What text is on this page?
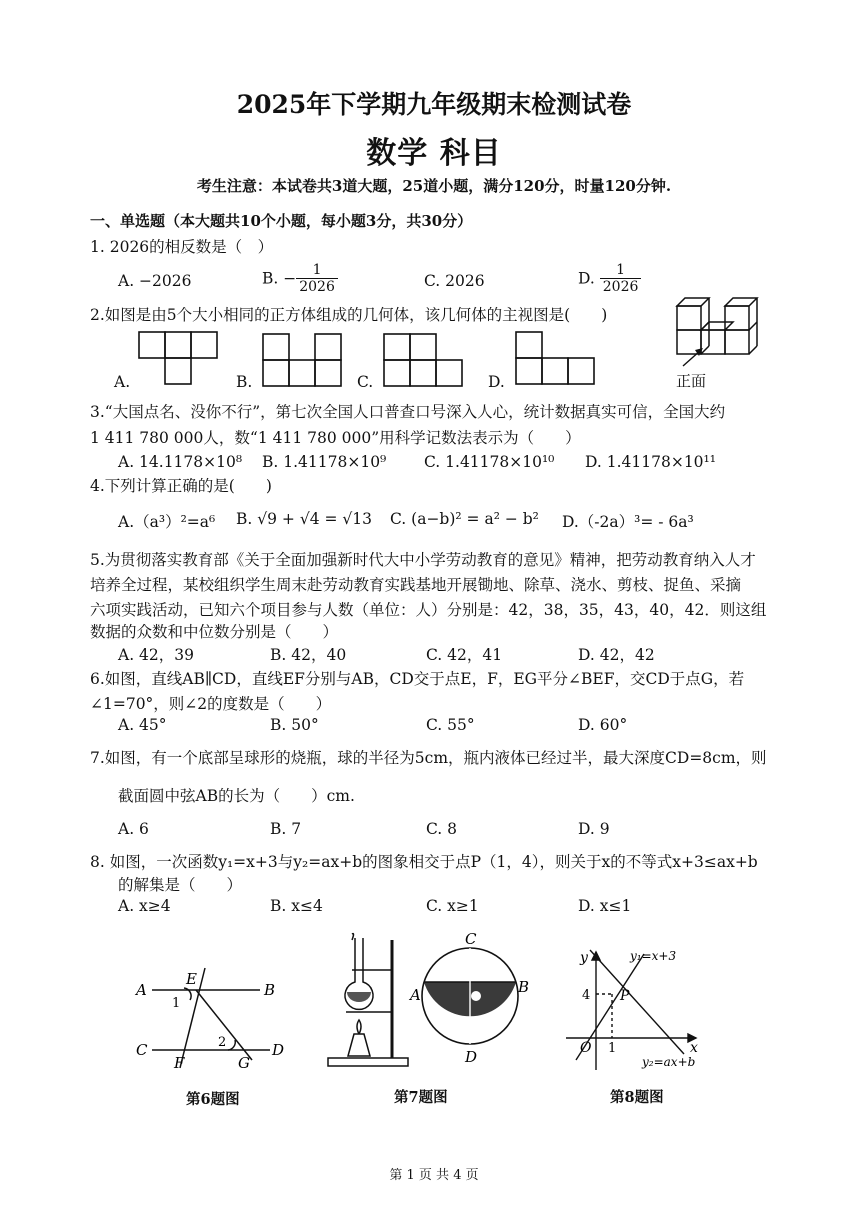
2025年下学期九年级期末检测试卷
数学 科目
考生注意：本试卷共3道大题，25道小题，满分120分，时量120分钟.
一、单选题（本大题共10个小题，每小题3分，共30分）
1. 2026的相反数是（　）
A. −2026	B. − $\frac{1}{2026}$	C. 2026	D. $\frac{1}{2026}$
2.如图是由5个大小相同的正方体组成的几何体，该几何体的主视图是(　　)
A.	B.	C.	D.	正面
3.“大国点名、没你不行”，第七次全国人口普查口号深入人心，统计数据真实可信，全国大约
1 411 780 000人，数“1 411 780 000”用科学记数法表示为（　　）
A. 14.1178×10⁸ B. 1.41178×10⁹ C. 1.41178×10¹⁰ D. 1.41178×10¹¹
4.下列计算正确的是(　　)
A.（a³）²=a⁶ B. √9 + √4 = √13 C. (a−b)² = a² − b² D.（-2a）³= - 6a³
5.为贯彻落实教育部《关于全面加强新时代大中小学劳动教育的意见》精神，把劳动教育纳入人才
培养全过程，某校组织学生周末赴劳动教育实践基地开展锄地、除草、浇水、剪枝、捉鱼、采摘
六项实践活动，已知六个项目参与人数（单位：人）分别是：42，38，35，43，40，42．则这组
数据的众数和中位数分别是（　　）
A. 42，39	B. 42，40	C. 42，41	D. 42，42
6.如图，直线AB∥CD，直线EF分别与AB，CD交于点E，F，EG平分∠BEF，交CD于点G，若
∠1=70°，则∠2的度数是（　　）
A. 45°	B. 50°	C. 55°	D. 60°
7.如图，有一个底部呈球形的烧瓶，球的半径为5cm，瓶内液体已经过半，最大深度CD=8cm，则
截面圆中弦AB的长为（　　）cm.
A. 6	B. 7	C. 8	D. 9
8. 如图，一次函数y₁=x+3与y₂=ax+b的图象相交于点P（1，4），则关于x的不等式x+3≤ax+b
的解集是（　　）
A. x≥4	B. x≤4	C. x≥1	D. x≤1
A	B
C	D
E
F	G
1
2
第6题图
A	B
C
D
第7题图
y
x
O
P
4
1
y₁=x+3
y₂=ax+b
第8题图
第 1 页 共 4 页
